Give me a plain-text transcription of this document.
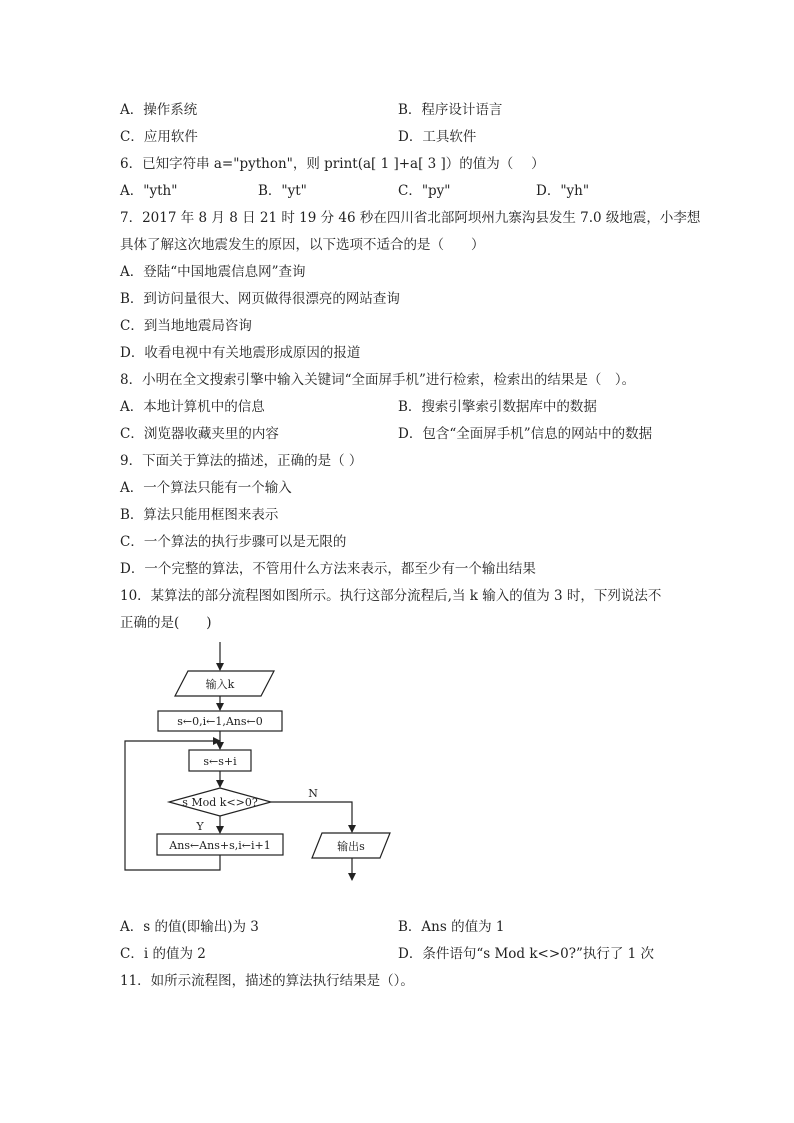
A．操作系统	B．程序设计语言
C．应用软件	D．工具软件
6．已知字符串 a="python"，则 print(a[ 1 ]+a[ 3 ]）的值为（　 ）
A．"yth"	B．"yt"	C．"py"	D．"yh"
7．2017 年 8 月 8 日 21 时 19 分 46 秒在四川省北部阿坝州九寨沟县发生 7.0 级地震，小李想
具体了解这次地震发生的原因，以下选项不适合的是（　　）
A．登陆“中国地震信息网”查询
B．到访问量很大、网页做得很漂亮的网站查询
C．到当地地震局咨询
D．收看电视中有关地震形成原因的报道
8．小明在全文搜索引擎中输入关键词“全面屏手机”进行检索，检索出的结果是（　）。
A．本地计算机中的信息	B．搜索引擎索引数据库中的数据
C．浏览器收藏夹里的内容	D．包含“全面屏手机”信息的网站中的数据
9．下面关于算法的描述，正确的是（ ）
A．一个算法只能有一个输入
B．算法只能用框图来表示
C．一个算法的执行步骤可以是无限的
D．一个完整的算法，不管用什么方法来表示，都至少有一个输出结果
10．某算法的部分流程图如图所示。执行这部分流程后,当 k 输入的值为 3 时，下列说法不
正确的是(　　)
输入k
s←0,i←1,Ans←0
s←s+i
s Mod k<>0?
Y
N
Ans←Ans+s,i←i+1	输出s
A．s 的值(即输出)为 3	B．Ans 的值为 1
C．i 的值为 2	D．条件语句“s Mod k<>0?”执行了 1 次
11．如所示流程图，描述的算法执行结果是（）。
